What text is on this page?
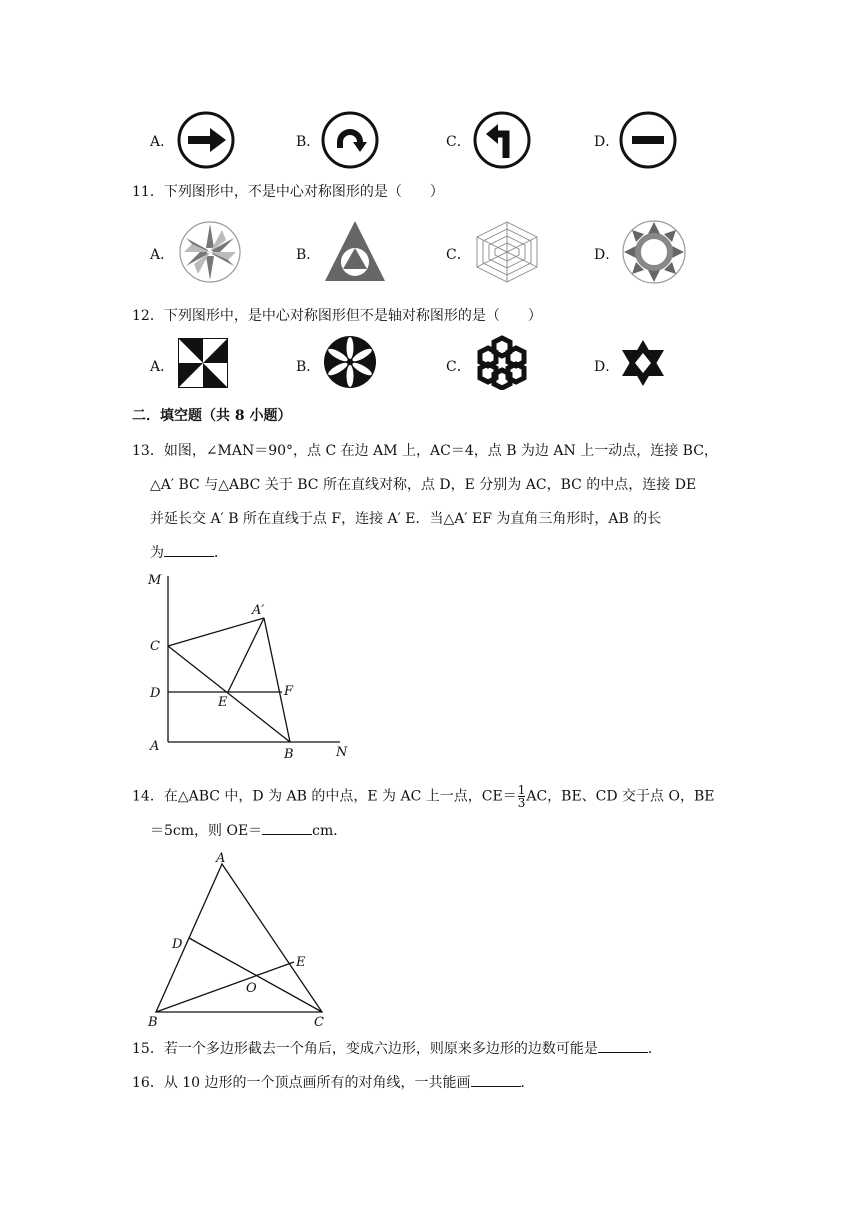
A．	B．	C．	D．
11．下列图形中，不是中心对称图形的是（　　）
A．	B．	C．	D．
12．下列图形中，是中心对称图形但不是轴对称图形的是（　　）
A．	B．	C．	D．
二．填空题（共 8 小题）
13．如图，∠MAN＝90°，点 C 在边 AM 上，AC＝4，点 B 为边 AN 上一动点，连接 BC，
△A′ BC 与△ABC 关于 BC 所在直线对称，点 D，E 分别为 AC，BC 的中点，连接 DE
并延长交 A′ B 所在直线于点 F，连接 A′ E．当△A′ EF 为直角三角形时，AB 的长
为	．
M
C
D
A
A′
E
F
B	N
14．在△ABC 中，D 为 AB 的中点，E 为 AC 上一点，$CE= \frac{1}{3}$ AC，BE、CD 交于点 O，BE
＝5cm，则 OE＝	cm．
A
D
E
O
B	C
15．若一个多边形截去一个角后，变成六边形，则原来多边形的边数可能是	．
16．从 10 边形的一个顶点画所有的对角线，一共能画	．
